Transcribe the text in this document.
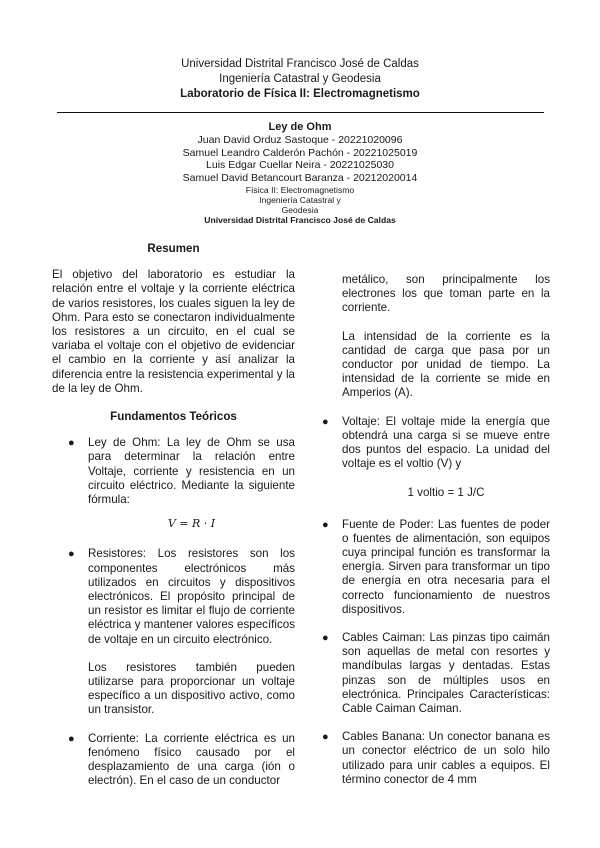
Universidad Distrital Francisco José de Caldas
Ingeniería Catastral y Geodesia
Laboratorio de Física II: Electromagnetismo
Ley de Ohm
Juan David Orduz Sastoque - 20221020096
Samuel Leandro Calderón Pachón - 20221025019
Luis Edgar Cuellar Neira - 20221025030
Samuel David Betancourt Baranza - 20212020014
Física II: Electromagnetismo
Ingeniería Catastral y
Geodesia
Universidad Distrital Francisco José de Caldas

Resumen

El objetivo del laboratorio es estudiar la relación entre el voltaje y la corriente eléctrica de varios resistores, los cuales siguen la ley de Ohm. Para esto se conectaron individualmente los resistores a un circuito, en el cual se variaba el voltaje con el objetivo de evidenciar el cambio en la corriente y así analizar la diferencia entre la resistencia experimental y la de la ley de Ohm.

Fundamentos Teóricos

● Ley de Ohm: La ley de Ohm se usa para determinar la relación entre Voltaje, corriente y resistencia en un circuito eléctrico. Mediante la siguiente fórmula:

V = R · I

● Resistores: Los resistores son los componentes electrónicos más utilizados en circuitos y dispositivos electrónicos. El propósito principal de un resistor es limitar el flujo de corriente eléctrica y mantener valores específicos de voltaje en un circuito electrónico.

Los resistores también pueden utilizarse para proporcionar un voltaje específico a un dispositivo activo, como un transistor.

● Corriente: La corriente eléctrica es un fenómeno físico causado por el desplazamiento de una carga (ión o electrón). En el caso de un conductor

metálico, son principalmente los electrones los que toman parte en la corriente.

La intensidad de la corriente es la cantidad de carga que pasa por un conductor por unidad de tiempo. La intensidad de la corriente se mide en Amperios (A).

● Voltaje: El voltaje mide la energía que obtendrá una carga si se mueve entre dos puntos del espacio. La unidad del voltaje es el voltio (V) y

1 voltio = 1 J/C

● Fuente de Poder: Las fuentes de poder o fuentes de alimentación, son equipos cuya principal función es transformar la energía. Sirven para transformar un tipo de energía en otra necesaria para el correcto funcionamiento de nuestros dispositivos.

● Cables Caiman: Las pinzas tipo caimán son aquellas de metal con resortes y mandíbulas largas y dentadas. Estas pinzas son de múltiples usos en electrónica. Principales Características: Cable Caiman Caiman.

● Cables Banana: Un conector banana es un conector eléctrico de un solo hilo utilizado para unir cables a equipos. El término conector de 4 mm
